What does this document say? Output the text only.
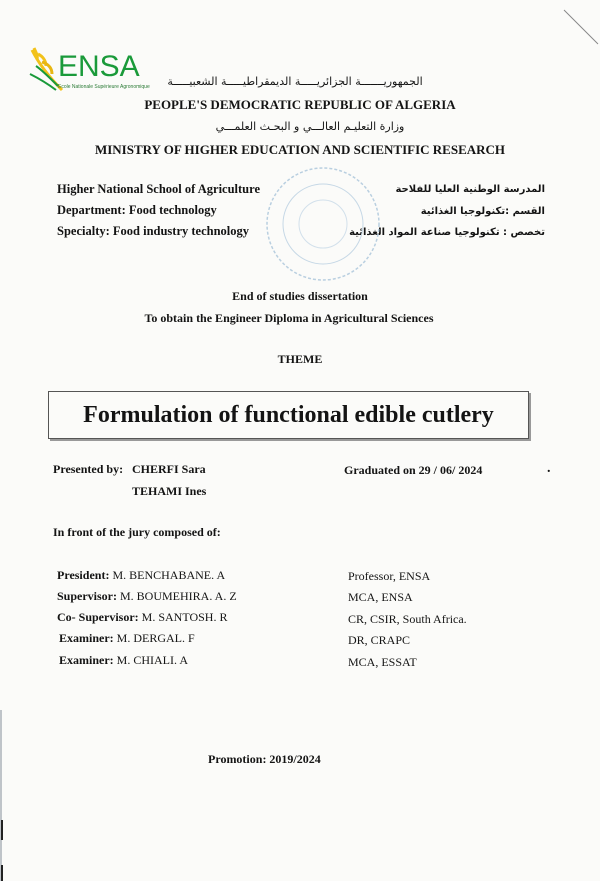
ENSA
Ecole Nationale Supérieure Agronomique	الجمهوريـــــــة الجزائريـــــة الديمقراطيـــــة الشعبيـــــة
PEOPLE'S DEMOCRATIC REPUBLIC OF ALGERIA
وزارة التعليـم العالـــي و البحـث العلمـــي
MINISTRY OF HIGHER EDUCATION AND SCIENTIFIC RESEARCH
Higher National School of Agriculture
Department: Food technology
Specialty: Food industry technology
المدرسة الوطنية العليا للفلاحة
القسم :تكنولوجيا الغذائية
تخصص : تكنولوجيا صناعة المواد الغذائية
End of studies dissertation
To obtain the Engineer Diploma in Agricultural Sciences
THEME
Formulation of functional edible cutlery
Presented by: CHERFI Sara
TEHAMI Ines
Graduated on 29 / 06/ 2024	.
In front of the jury composed of:
President: M. BENCHABANE. A	Professor, ENSA
Supervisor: M. BOUMEHIRA. A. Z	MCA, ENSA
Co- Supervisor: M. SANTOSH. R	CR, CSIR, South Africa.
Examiner: M. DERGAL. F	DR, CRAPC
Examiner: M. CHIALI. A	MCA, ESSAT
Promotion: 2019/2024
